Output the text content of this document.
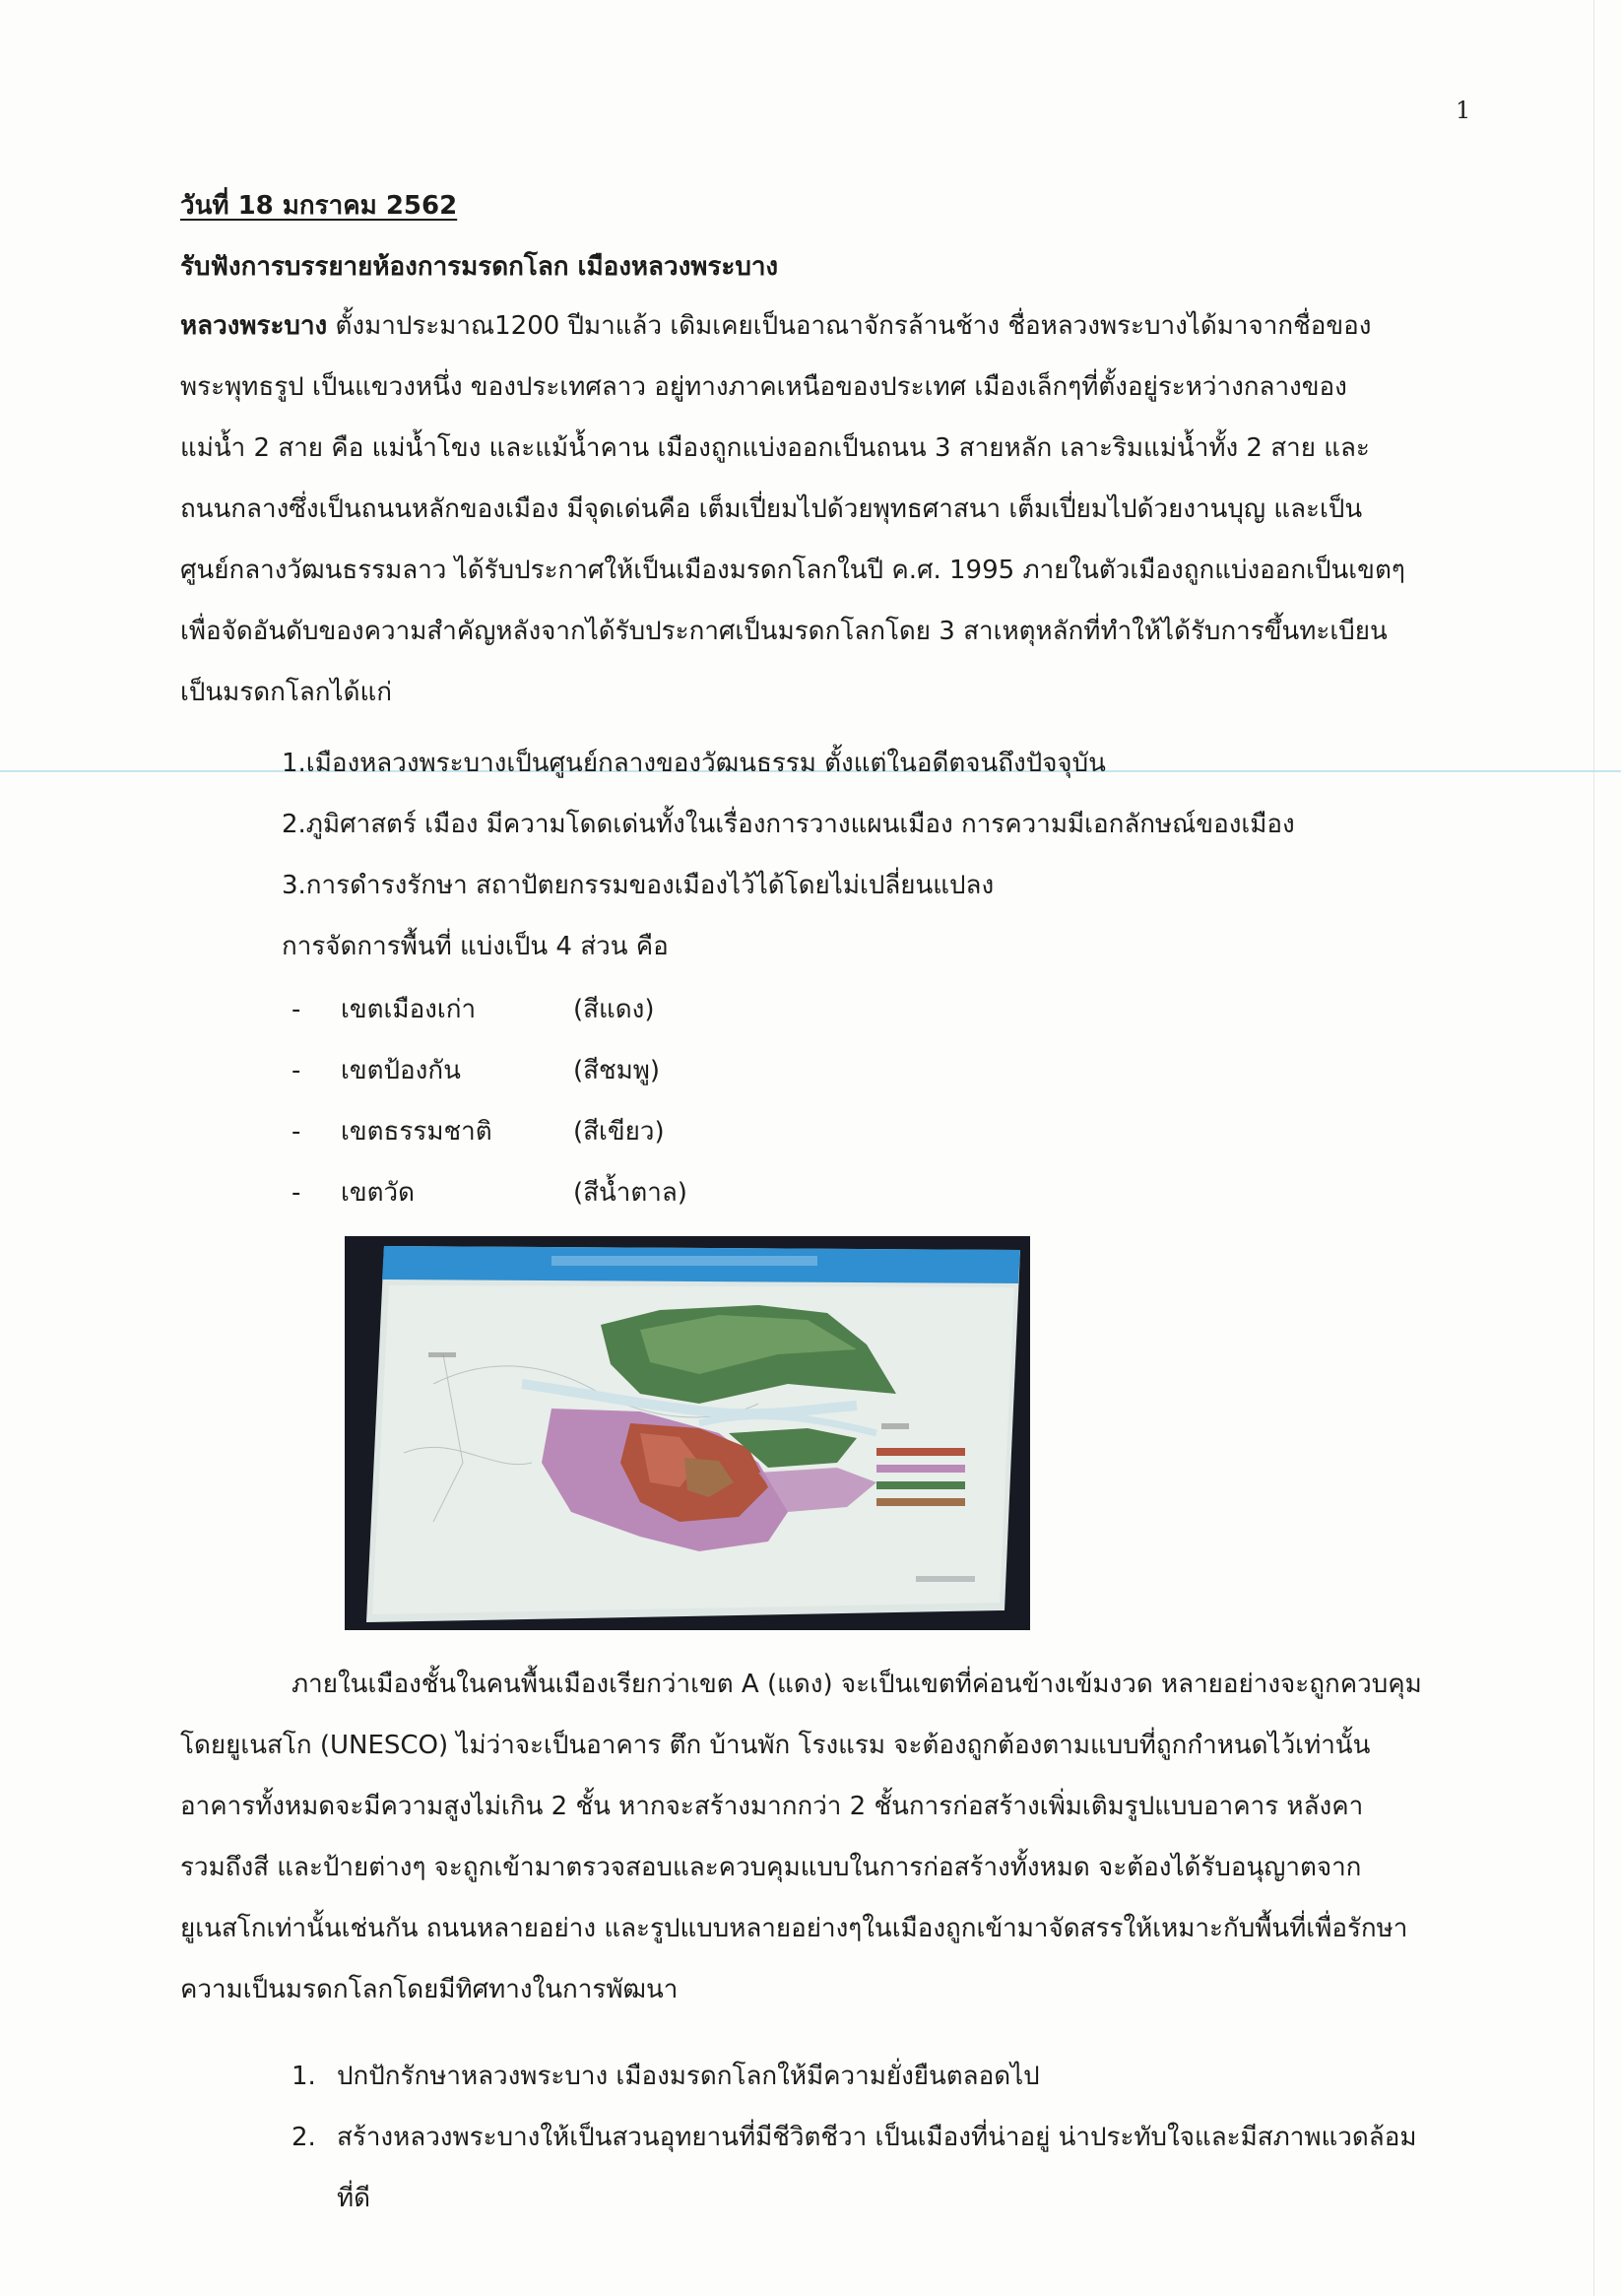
1
วันที่ 18 มกราคม 2562
รับฟังการบรรยายห้องการมรดกโลก เมืองหลวงพระบาง
หลวงพระบาง ตั้งมาประมาณ1200 ปีมาแล้ว เดิมเคยเป็นอาณาจักรล้านช้าง ชื่อหลวงพระบางได้มาจากชื่อของ
พระพุทธรูป เป็นแขวงหนึ่ง ของประเทศลาว อยู่ทางภาคเหนือของประเทศ เมืองเล็กๆที่ตั้งอยู่ระหว่างกลางของ
แม่น้ำ 2 สาย คือ แม่น้ำโขง และแม้น้ำคาน เมืองถูกแบ่งออกเป็นถนน 3 สายหลัก เลาะริมแม่น้ำทั้ง 2 สาย และ
ถนนกลางซึ่งเป็นถนนหลักของเมือง มีจุดเด่นคือ เต็มเปี่ยมไปด้วยพุทธศาสนา เต็มเปี่ยมไปด้วยงานบุญ และเป็น
ศูนย์กลางวัฒนธรรมลาว ได้รับประกาศให้เป็นเมืองมรดกโลกในปี ค.ศ. 1995 ภายในตัวเมืองถูกแบ่งออกเป็นเขตๆ
เพื่อจัดอันดับของความสำคัญหลังจากได้รับประกาศเป็นมรดกโลกโดย 3 สาเหตุหลักที่ทำให้ได้รับการขึ้นทะเบียน
เป็นมรดกโลกได้แก่
1.เมืองหลวงพระบางเป็นศูนย์กลางของวัฒนธรรม ตั้งแต่ในอดีตจนถึงปัจจุบัน
2.ภูมิศาสตร์ เมือง มีความโดดเด่นทั้งในเรื่องการวางแผนเมือง การความมีเอกลักษณ์ของเมือง
3.การดำรงรักษา สถาปัตยกรรมของเมืองไว้ได้โดยไม่เปลี่ยนแปลง
การจัดการพื้นที่ แบ่งเป็น 4 ส่วน คือ
- เขตเมืองเก่า	(สีแดง)
- เขตป้องกัน	(สีชมพู)
- เขตธรรมชาติ	(สีเขียว)
- เขตวัด	(สีน้ำตาล)
ภายในเมืองชั้นในคนพื้นเมืองเรียกว่าเขต A (แดง) จะเป็นเขตที่ค่อนข้างเข้มงวด หลายอย่างจะถูกควบคุม
โดยยูเนสโก (UNESCO) ไม่ว่าจะเป็นอาคาร ตึก บ้านพัก โรงแรม จะต้องถูกต้องตามแบบที่ถูกกำหนดไว้เท่านั้น
อาคารทั้งหมดจะมีความสูงไม่เกิน 2 ชั้น หากจะสร้างมากกว่า 2 ชั้นการก่อสร้างเพิ่มเติมรูปแบบอาคาร หลังคา
รวมถึงสี และป้ายต่างๆ จะถูกเข้ามาตรวจสอบและควบคุมแบบในการก่อสร้างทั้งหมด จะต้องได้รับอนุญาตจาก
ยูเนสโกเท่านั้นเช่นกัน ถนนหลายอย่าง และรูปแบบหลายอย่างๆในเมืองถูกเข้ามาจัดสรรให้เหมาะกับพื้นที่เพื่อรักษา
ความเป็นมรดกโลกโดยมีทิศทางในการพัฒนา
1. ปกปักรักษาหลวงพระบาง เมืองมรดกโลกให้มีความยั่งยืนตลอดไป
2. สร้างหลวงพระบางให้เป็นสวนอุทยานที่มีชีวิตชีวา เป็นเมืองที่น่าอยู่ น่าประทับใจและมีสภาพแวดล้อม
ที่ดี
